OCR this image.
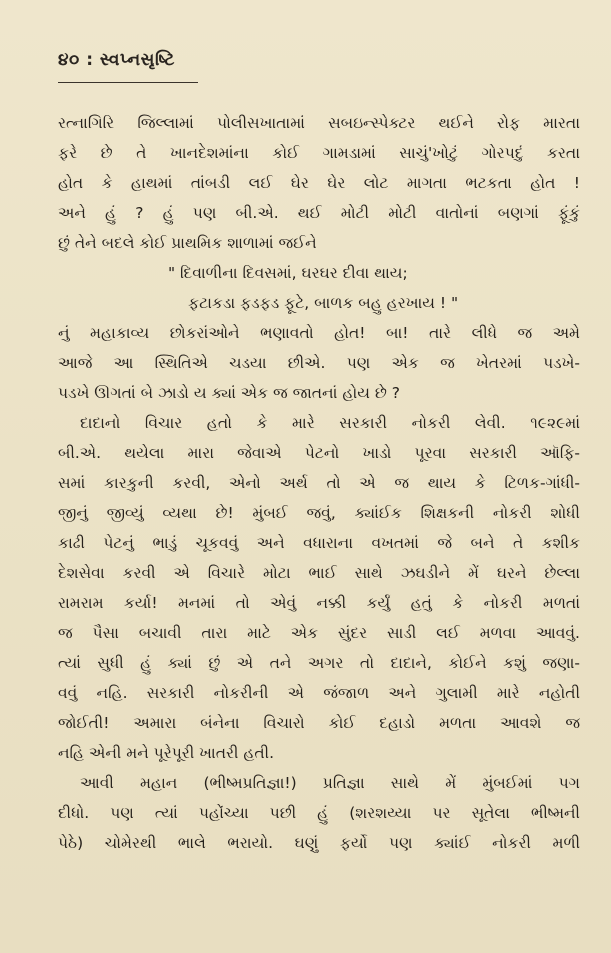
૪૦ : સ્વપ્નસૃષ્ટિ
રત્નાગિરિ જિલ્લામાં પોલીસખાતામાં સબઇન્સ્પેક્ટર થઈને રોફ મારતા
ફરે છે તે ખાનદેશમાંના કોઈ ગામડામાં સાચું'ખોટું ગોરપદું કરતા
હોત કે હાથમાં તાંબડી લઈ ઘેર ઘેર લોટ માગતા ભટકતા હોત !
અને હું ? હું પણ બી.એ. થઈ મોટી મોટી વાતોનાં બણગાં ફૂંકું
છું તેને બદલે કોઈ પ્રાથમિક શાળામાં જઈને
" દિવાળીના દિવસમાં, ઘરઘર દીવા થાય;
ફટાકડા ફડફડ ફૂટે, બાળક બહુ હરખાય ! "
નું મહાકાવ્ય છોકરાંઓને ભણાવતો હોત! બા! તારે લીધે જ અમે
આજે આ સ્થિતિએ ચડયા છીએ. પણ એક જ ખેતરમાં પડખે-
પડખે ઊગતાં બે ઝાડો ય ક્યાં એક જ જાતનાં હોય છે ?
દાદાનો વિચાર હતો કે મારે સરકારી નોકરી લેવી. ૧૯૨૯માં
બી.એ. થયેલા મારા જેવાએ પેટનો ખાડો પૂરવા સરકારી ઑફિ-
સમાં કારકુની કરવી, એનો અર્થ તો એ જ થાય કે ટિળક-ગાંધી-
જીનું જીવ્યું વ્યથા છે! મુંબઈ જવું, ક્યાંઈક શિક્ષકની નોકરી શોધી
કાઢી પેટનું ભાડું ચૂકવવું અને વધારાના વખતમાં જે બને તે કશીક
દેશસેવા કરવી એ વિચારે મોટા ભાઈ સાથે ઝઘડીને મેં ઘરને છેલ્લા
રામરામ કર્યા! મનમાં તો એવું નક્કી કર્યું હતું કે નોકરી મળતાં
જ પૈસા બચાવી તારા માટે એક સુંદર સાડી લઈ મળવા આવવું.
ત્યાં સુધી હું ક્યાં છું એ તને અગર તો દાદાને, કોઈને કશું જણા-
વવું નહિ. સરકારી નોકરીની એ જંજાળ અને ગુલામી મારે નહોતી
જોઈતી! અમારા બંનેના વિચારો કોઈ દહાડો મળતા આવશે જ
નહિ એની મને પૂરેપૂરી ખાતરી હતી.
આવી મહાન (ભીષ્મપ્રતિજ્ઞા!) પ્રતિજ્ઞા સાથે મેં મુંબઈમાં પગ
દીધો. પણ ત્યાં પહોંચ્યા પછી હું (શરશય્યા પર સૂતેલા ભીષ્મની
પેઠે) ચોમેરથી ભાલે ભરાયો. ઘણું ફર્યો પણ ક્યાંઈ નોકરી મળી
